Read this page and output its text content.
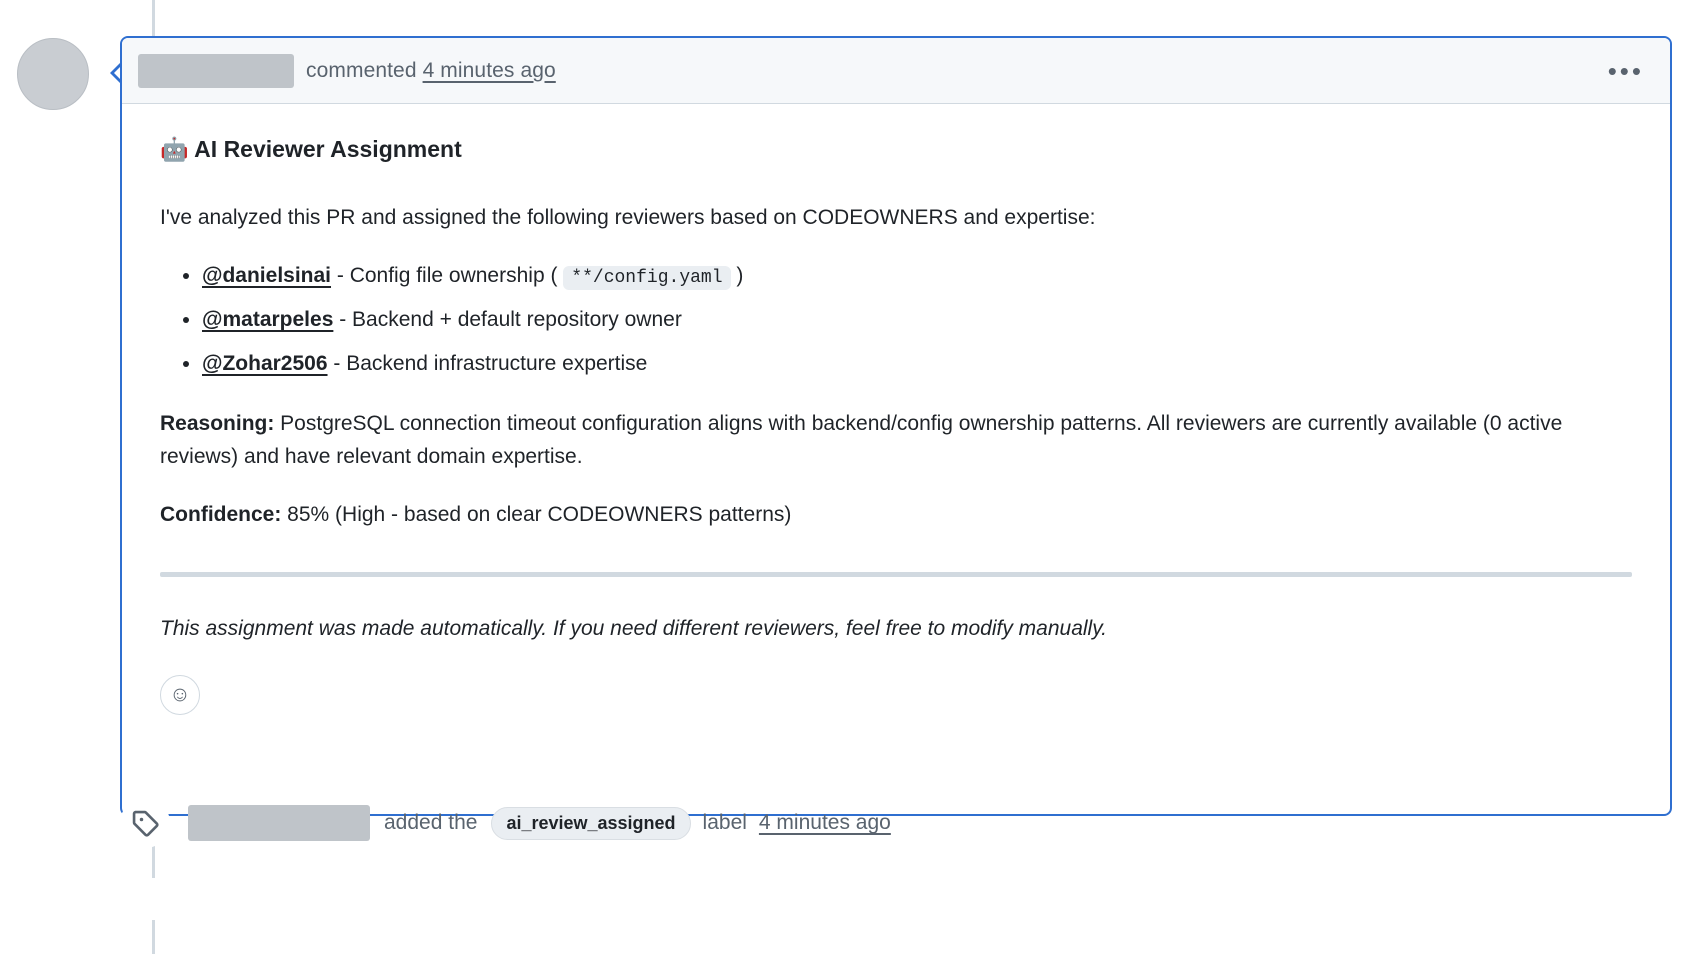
commented 4 minutes ago	•••
🤖 AI Reviewer Assignment

I've analyzed this PR and assigned the following reviewers based on CODEOWNERS and expertise:

• @danielsinai - Config file ownership ( **/config.yaml )
• @matarpeles - Backend + default repository owner
• @Zohar2506 - Backend infrastructure expertise

Reasoning: PostgreSQL connection timeout configuration aligns with backend/config ownership patterns. All reviewers are currently available (0 active reviews) and have relevant domain expertise.

Confidence: 85% (High - based on clear CODEOWNERS patterns)

This assignment was made automatically. If you need different reviewers, feel free to modify manually.

☺
added the	ai_review_assigned	label 4 minutes ago
